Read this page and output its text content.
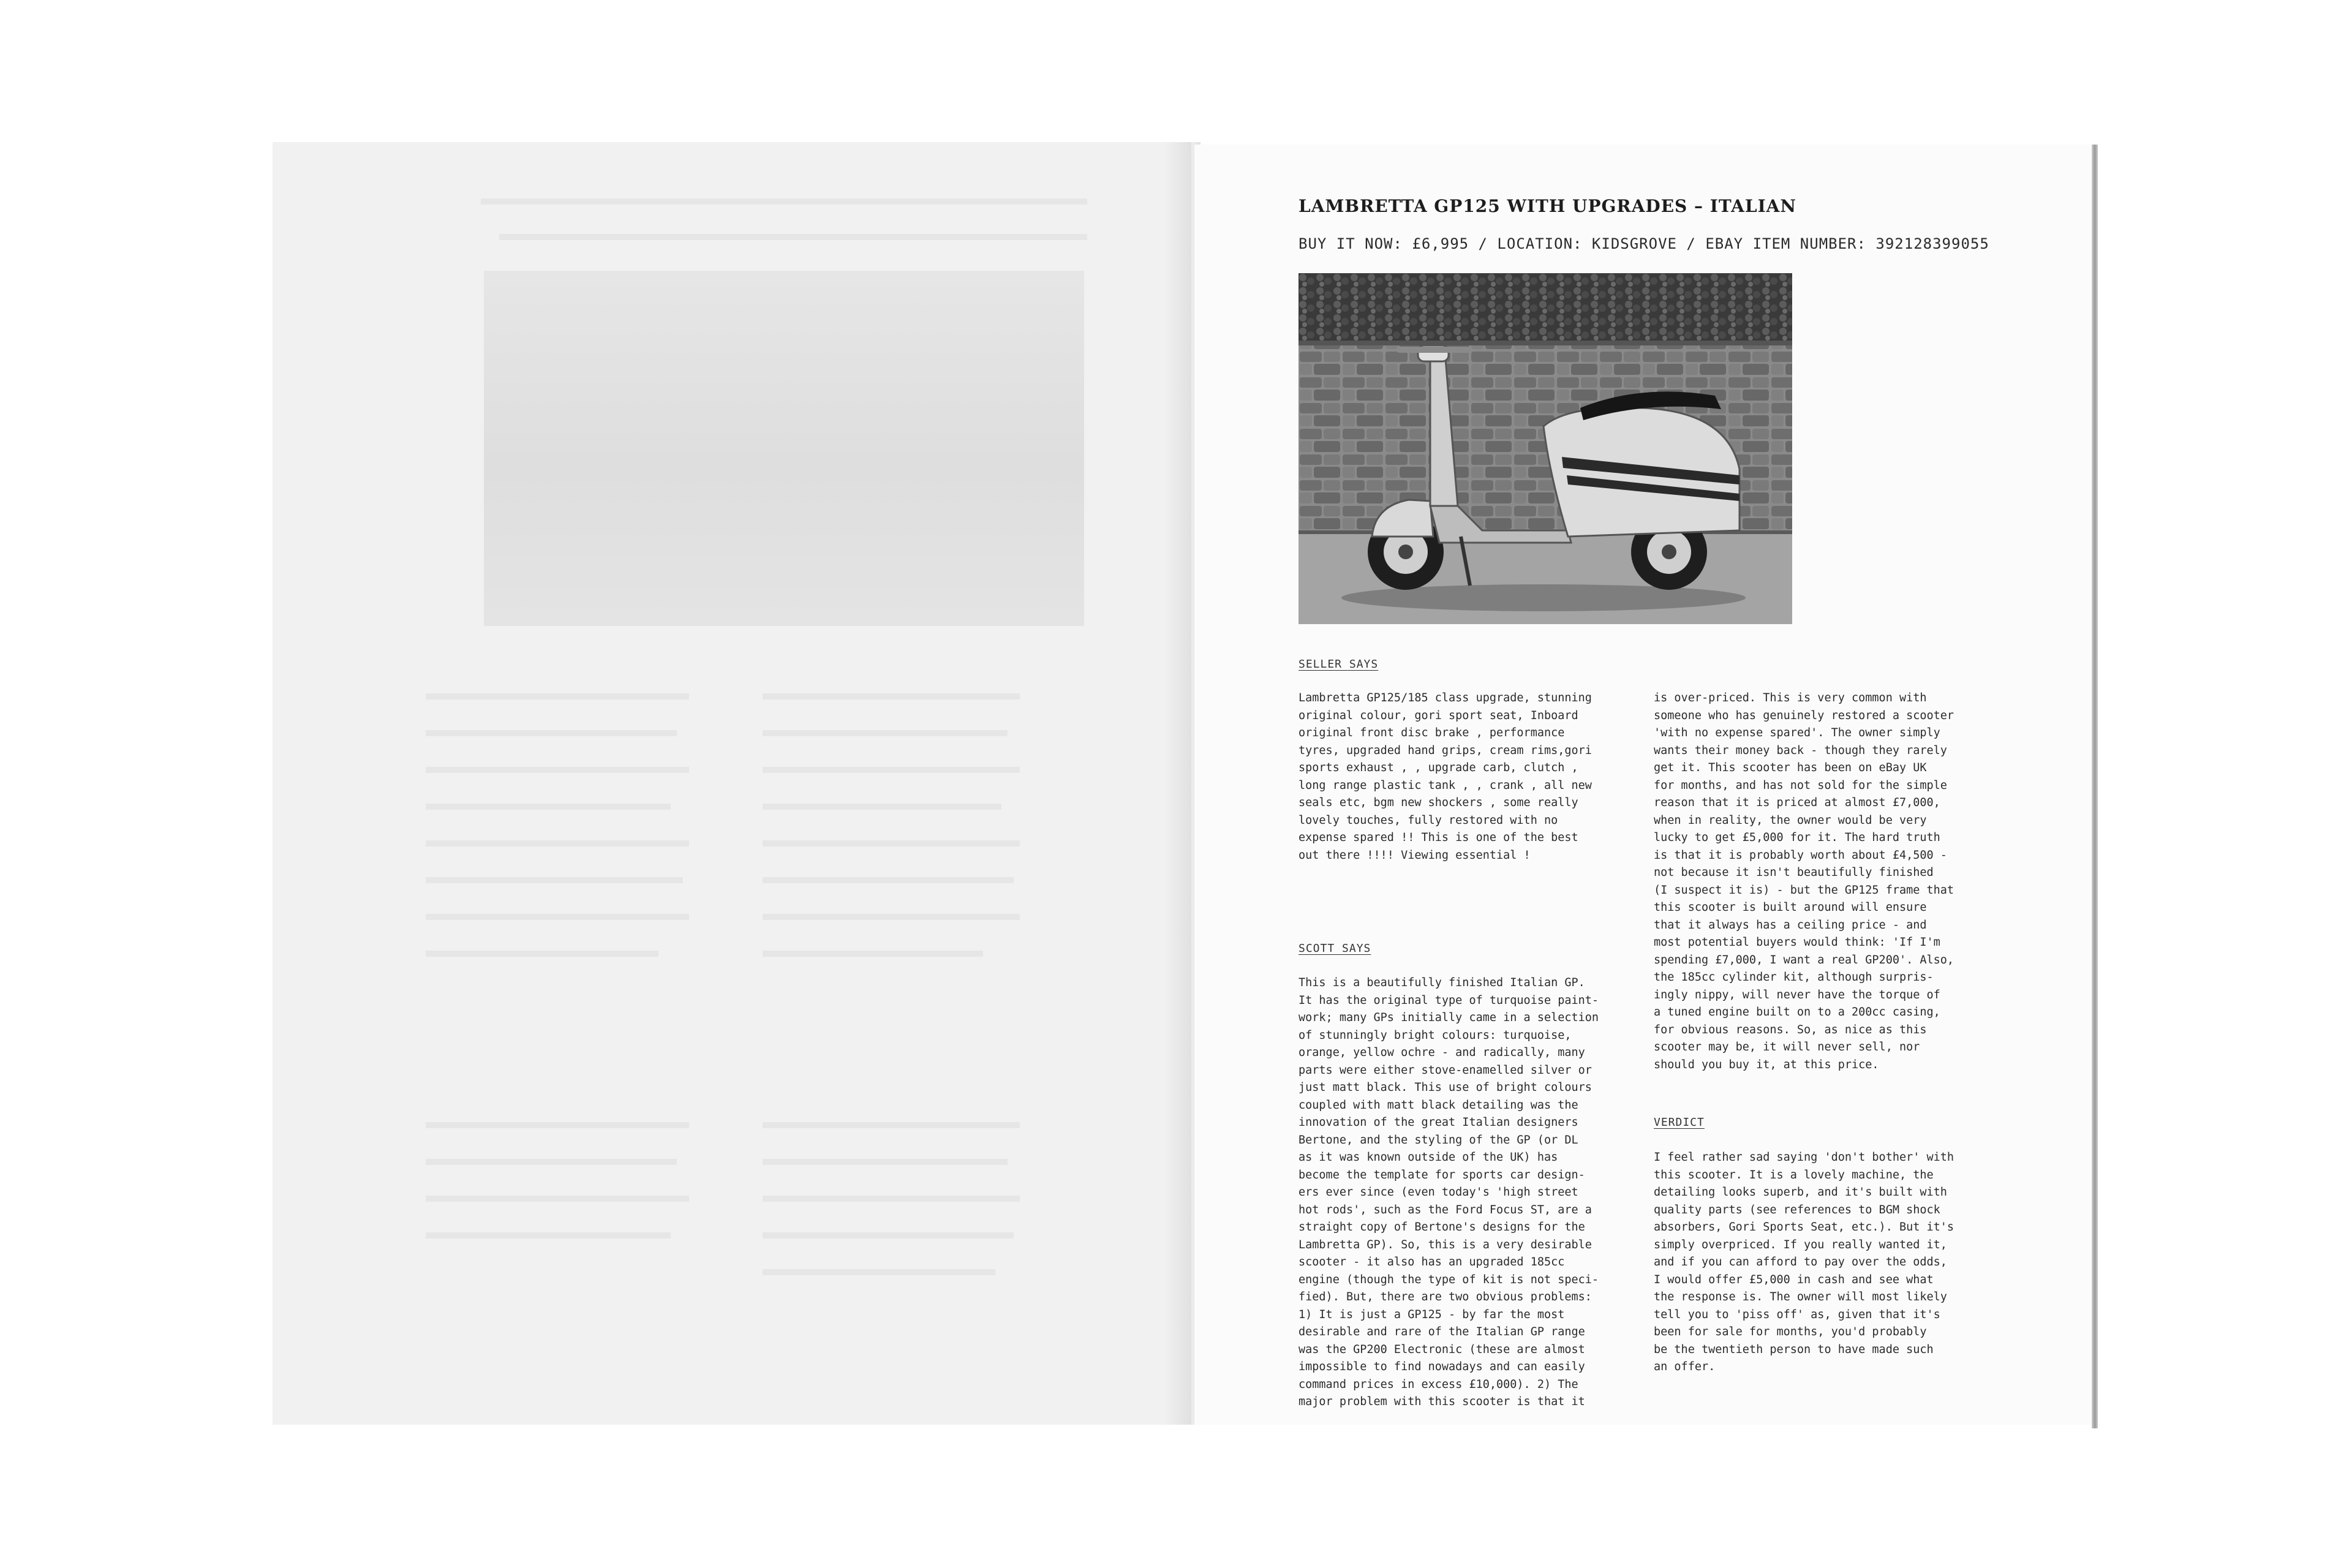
LAMBRETTA GP125 WITH UPGRADES – ITALIAN
BUY IT NOW: £6,995 / LOCATION: KIDSGROVE / EBAY ITEM NUMBER: 392128399055
SELLER SAYS

Lambretta GP125/185 class upgrade, stunning
original colour, gori sport seat, Inboard
original front disc brake , performance
tyres, upgraded hand grips, cream rims,gori
sports exhaust , , upgrade carb, clutch ,
long range plastic tank , , crank , all new
seals etc, bgm new shockers , some really
lovely touches, fully restored with no
expense spared !! This is one of the best
out there !!!! Viewing essential !

SCOTT SAYS

This is a beautifully finished Italian GP.
It has the original type of turquoise paint-
work; many GPs initially came in a selection
of stunningly bright colours: turquoise,
orange, yellow ochre - and radically, many
parts were either stove-enamelled silver or
just matt black. This use of bright colours
coupled with matt black detailing was the
innovation of the great Italian designers
Bertone, and the styling of the GP (or DL
as it was known outside of the UK) has
become the template for sports car design-
ers ever since (even today's 'high street
hot rods', such as the Ford Focus ST, are a
straight copy of Bertone's designs for the
Lambretta GP). So, this is a very desirable
scooter - it also has an upgraded 185cc
engine (though the type of kit is not speci-
fied). But, there are two obvious problems:
1) It is just a GP125 - by far the most
desirable and rare of the Italian GP range
was the GP200 Electronic (these are almost
impossible to find nowadays and can easily
command prices in excess £10,000). 2) The
major problem with this scooter is that it

is over-priced. This is very common with
someone who has genuinely restored a scooter
'with no expense spared'. The owner simply
wants their money back - though they rarely
get it. This scooter has been on eBay UK
for months, and has not sold for the simple
reason that it is priced at almost £7,000,
when in reality, the owner would be very
lucky to get £5,000 for it. The hard truth
is that it is probably worth about £4,500 -
not because it isn't beautifully finished
(I suspect it is) - but the GP125 frame that
this scooter is built around will ensure
that it always has a ceiling price - and
most potential buyers would think: 'If I'm
spending £7,000, I want a real GP200'. Also,
the 185cc cylinder kit, although surpris-
ingly nippy, will never have the torque of
a tuned engine built on to a 200cc casing,
for obvious reasons. So, as nice as this
scooter may be, it will never sell, nor
should you buy it, at this price.

VERDICT

I feel rather sad saying 'don't bother' with
this scooter. It is a lovely machine, the
detailing looks superb, and it's built with
quality parts (see references to BGM shock
absorbers, Gori Sports Seat, etc.). But it's
simply overpriced. If you really wanted it,
and if you can afford to pay over the odds,
I would offer £5,000 in cash and see what
the response is. The owner will most likely
tell you to 'piss off' as, given that it's
been for sale for months, you'd probably
be the twentieth person to have made such
an offer.
